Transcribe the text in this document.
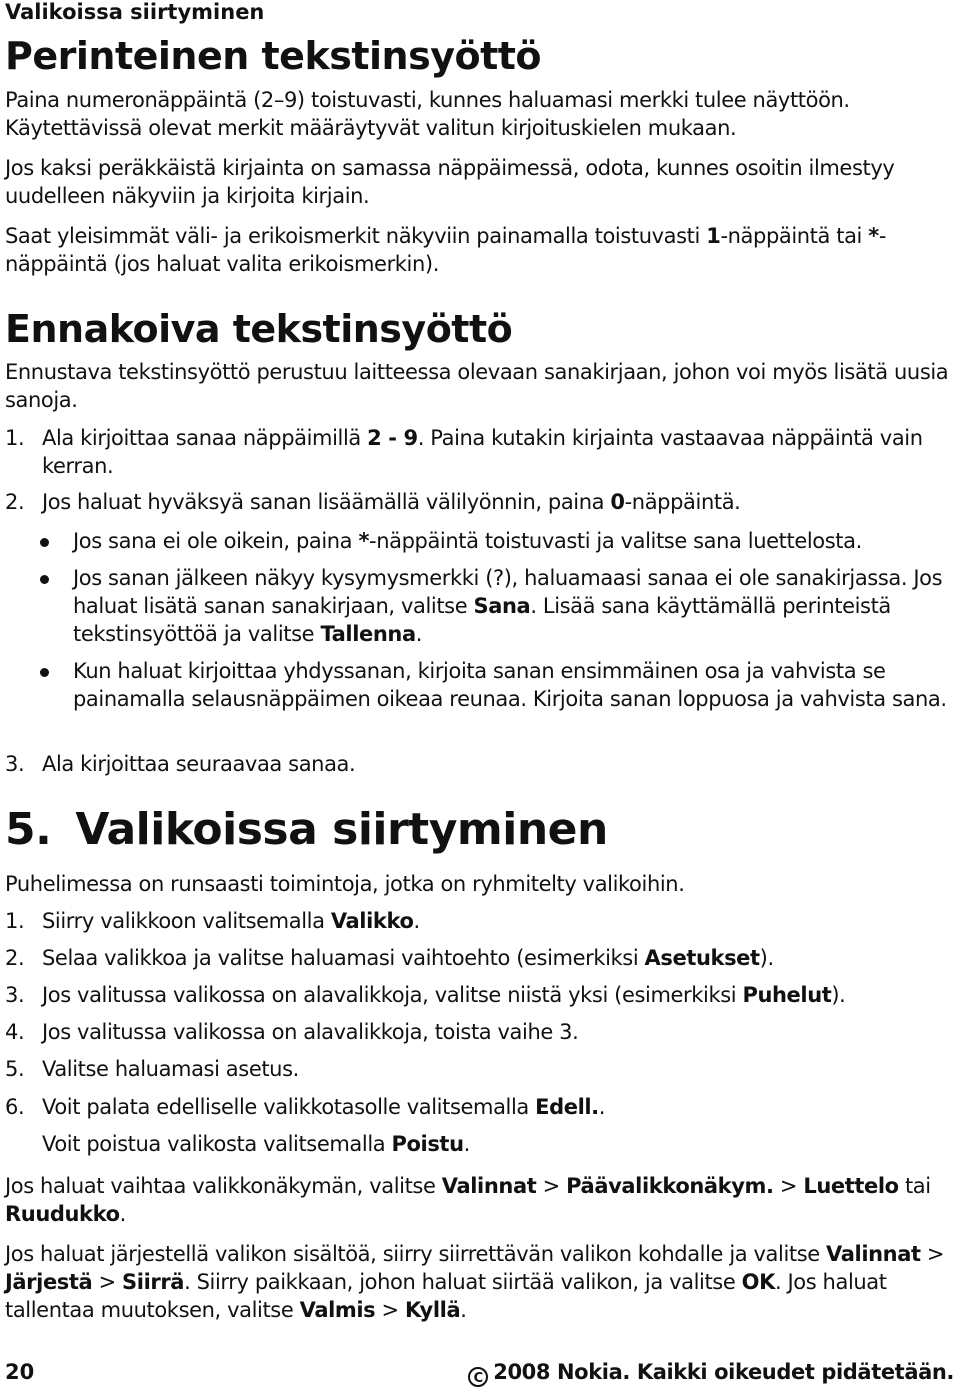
Valikoissa siirtyminen
Perinteinen tekstinsyöttö

Paina numeronäppäintä (2–9) toistuvasti, kunnes haluamasi merkki tulee näyttöön. Käytettävissä olevat merkit määräytyvät valitun kirjoituskielen mukaan.

Jos kaksi peräkkäistä kirjainta on samassa näppäimessä, odota, kunnes osoitin ilmestyy uudelleen näkyviin ja kirjoita kirjain.

Saat yleisimmät väli- ja erikoismerkit näkyviin painamalla toistuvasti 1-näppäintä tai *-näppäintä (jos haluat valita erikoismerkin).

Ennakoiva tekstinsyöttö

Ennustava tekstinsyöttö perustuu laitteessa olevaan sanakirjaan, johon voi myös lisätä uusia sanoja.

1. Ala kirjoittaa sanaa näppäimillä 2 - 9. Paina kutakin kirjainta vastaavaa näppäintä vain kerran.
2. Jos haluat hyväksyä sanan lisäämällä välilyönnin, paina 0-näppäintä.
Jos sana ei ole oikein, paina *-näppäintä toistuvasti ja valitse sana luettelosta.
Jos sanan jälkeen näkyy kysymysmerkki (?), haluamaasi sanaa ei ole sanakirjassa. Jos haluat lisätä sanan sanakirjaan, valitse Sana. Lisää sana käyttämällä perinteistä tekstinsyöttöä ja valitse Tallenna.
Kun haluat kirjoittaa yhdyssanan, kirjoita sanan ensimmäinen osa ja vahvista se painamalla selausnäppäimen oikeaa reunaa. Kirjoita sanan loppuosa ja vahvista sana.
3. Ala kirjoittaa seuraavaa sanaa.
5. Valikoissa siirtyminen

Puhelimessa on runsaasti toimintoja, jotka on ryhmitelty valikoihin.

1. Siirry valikkoon valitsemalla Valikko.
2. Selaa valikkoa ja valitse haluamasi vaihtoehto (esimerkiksi Asetukset).
3. Jos valitussa valikossa on alavalikkoja, valitse niistä yksi (esimerkiksi Puhelut).
4. Jos valitussa valikossa on alavalikkoja, toista vaihe 3.
5. Valitse haluamasi asetus.
6. Voit palata edelliselle valikkotasolle valitsemalla Edell..
Voit poistua valikosta valitsemalla Poistu.

Jos haluat vaihtaa valikkonäkymän, valitse Valinnat > Päävalikkonäkym. > Luettelo tai Ruudukko.

Jos haluat järjestellä valikon sisältöä, siirry siirrettävän valikon kohdalle ja valitse Valinnat > Järjestä > Siirrä. Siirry paikkaan, johon haluat siirtää valikon, ja valitse OK. Jos haluat tallentaa muutoksen, valitse Valmis > Kyllä.

20	C 2008 Nokia. Kaikki oikeudet pidätetään.
